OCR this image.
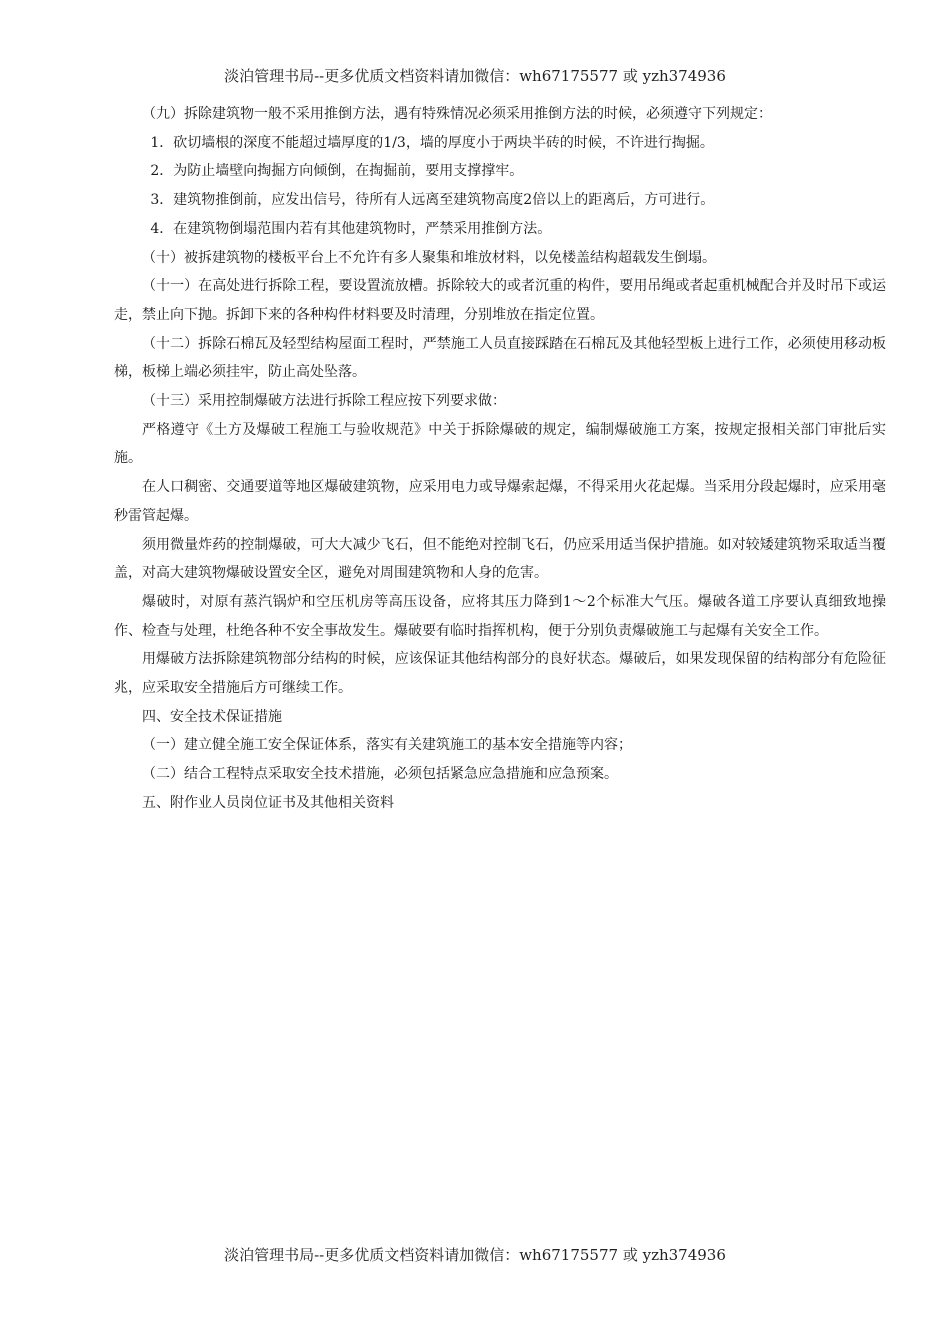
淡泊管理书局--更多优质文档资料请加微信：wh67175577 或 yzh374936

（九）拆除建筑物一般不采用推倒方法，遇有特殊情况必须采用推倒方法的时候，必须遵守下列规定：

1．砍切墙根的深度不能超过墙厚度的1/3，墙的厚度小于两块半砖的时候，不许进行掏掘。

2．为防止墙壁向掏掘方向倾倒，在掏掘前，要用支撑撑牢。

3．建筑物推倒前，应发出信号，待所有人远离至建筑物高度2倍以上的距离后，方可进行。

4．在建筑物倒塌范围内若有其他建筑物时，严禁采用推倒方法。

（十）被拆建筑物的楼板平台上不允许有多人聚集和堆放材料，以免楼盖结构超载发生倒塌。

（十一）在高处进行拆除工程，要设置流放槽。拆除较大的或者沉重的构件，要用吊绳或者起重机械配合并及时吊下或运走，禁止向下抛。拆卸下来的各种构件材料要及时清理，分别堆放在指定位置。

（十二）拆除石棉瓦及轻型结构屋面工程时，严禁施工人员直接踩踏在石棉瓦及其他轻型板上进行工作，必须使用移动板梯，板梯上端必须挂牢，防止高处坠落。

（十三）采用控制爆破方法进行拆除工程应按下列要求做：

严格遵守《土方及爆破工程施工与验收规范》中关于拆除爆破的规定，编制爆破施工方案，按规定报相关部门审批后实施。

在人口稠密、交通要道等地区爆破建筑物，应采用电力或导爆索起爆，不得采用火花起爆。当采用分段起爆时，应采用毫秒雷管起爆。

须用微量炸药的控制爆破，可大大减少飞石，但不能绝对控制飞石，仍应采用适当保护措施。如对较矮建筑物采取适当覆盖，对高大建筑物爆破设置安全区，避免对周围建筑物和人身的危害。

爆破时，对原有蒸汽锅炉和空压机房等高压设备，应将其压力降到1～2个标准大气压。爆破各道工序要认真细致地操作、检查与处理，杜绝各种不安全事故发生。爆破要有临时指挥机构，便于分别负责爆破施工与起爆有关安全工作。

用爆破方法拆除建筑物部分结构的时候，应该保证其他结构部分的良好状态。爆破后，如果发现保留的结构部分有危险征兆，应采取安全措施后方可继续工作。

四、安全技术保证措施

（一）建立健全施工安全保证体系，落实有关建筑施工的基本安全措施等内容；

（二）结合工程特点采取安全技术措施，必须包括紧急应急措施和应急预案。

五、附作业人员岗位证书及其他相关资料

淡泊管理书局--更多优质文档资料请加微信：wh67175577 或 yzh374936
